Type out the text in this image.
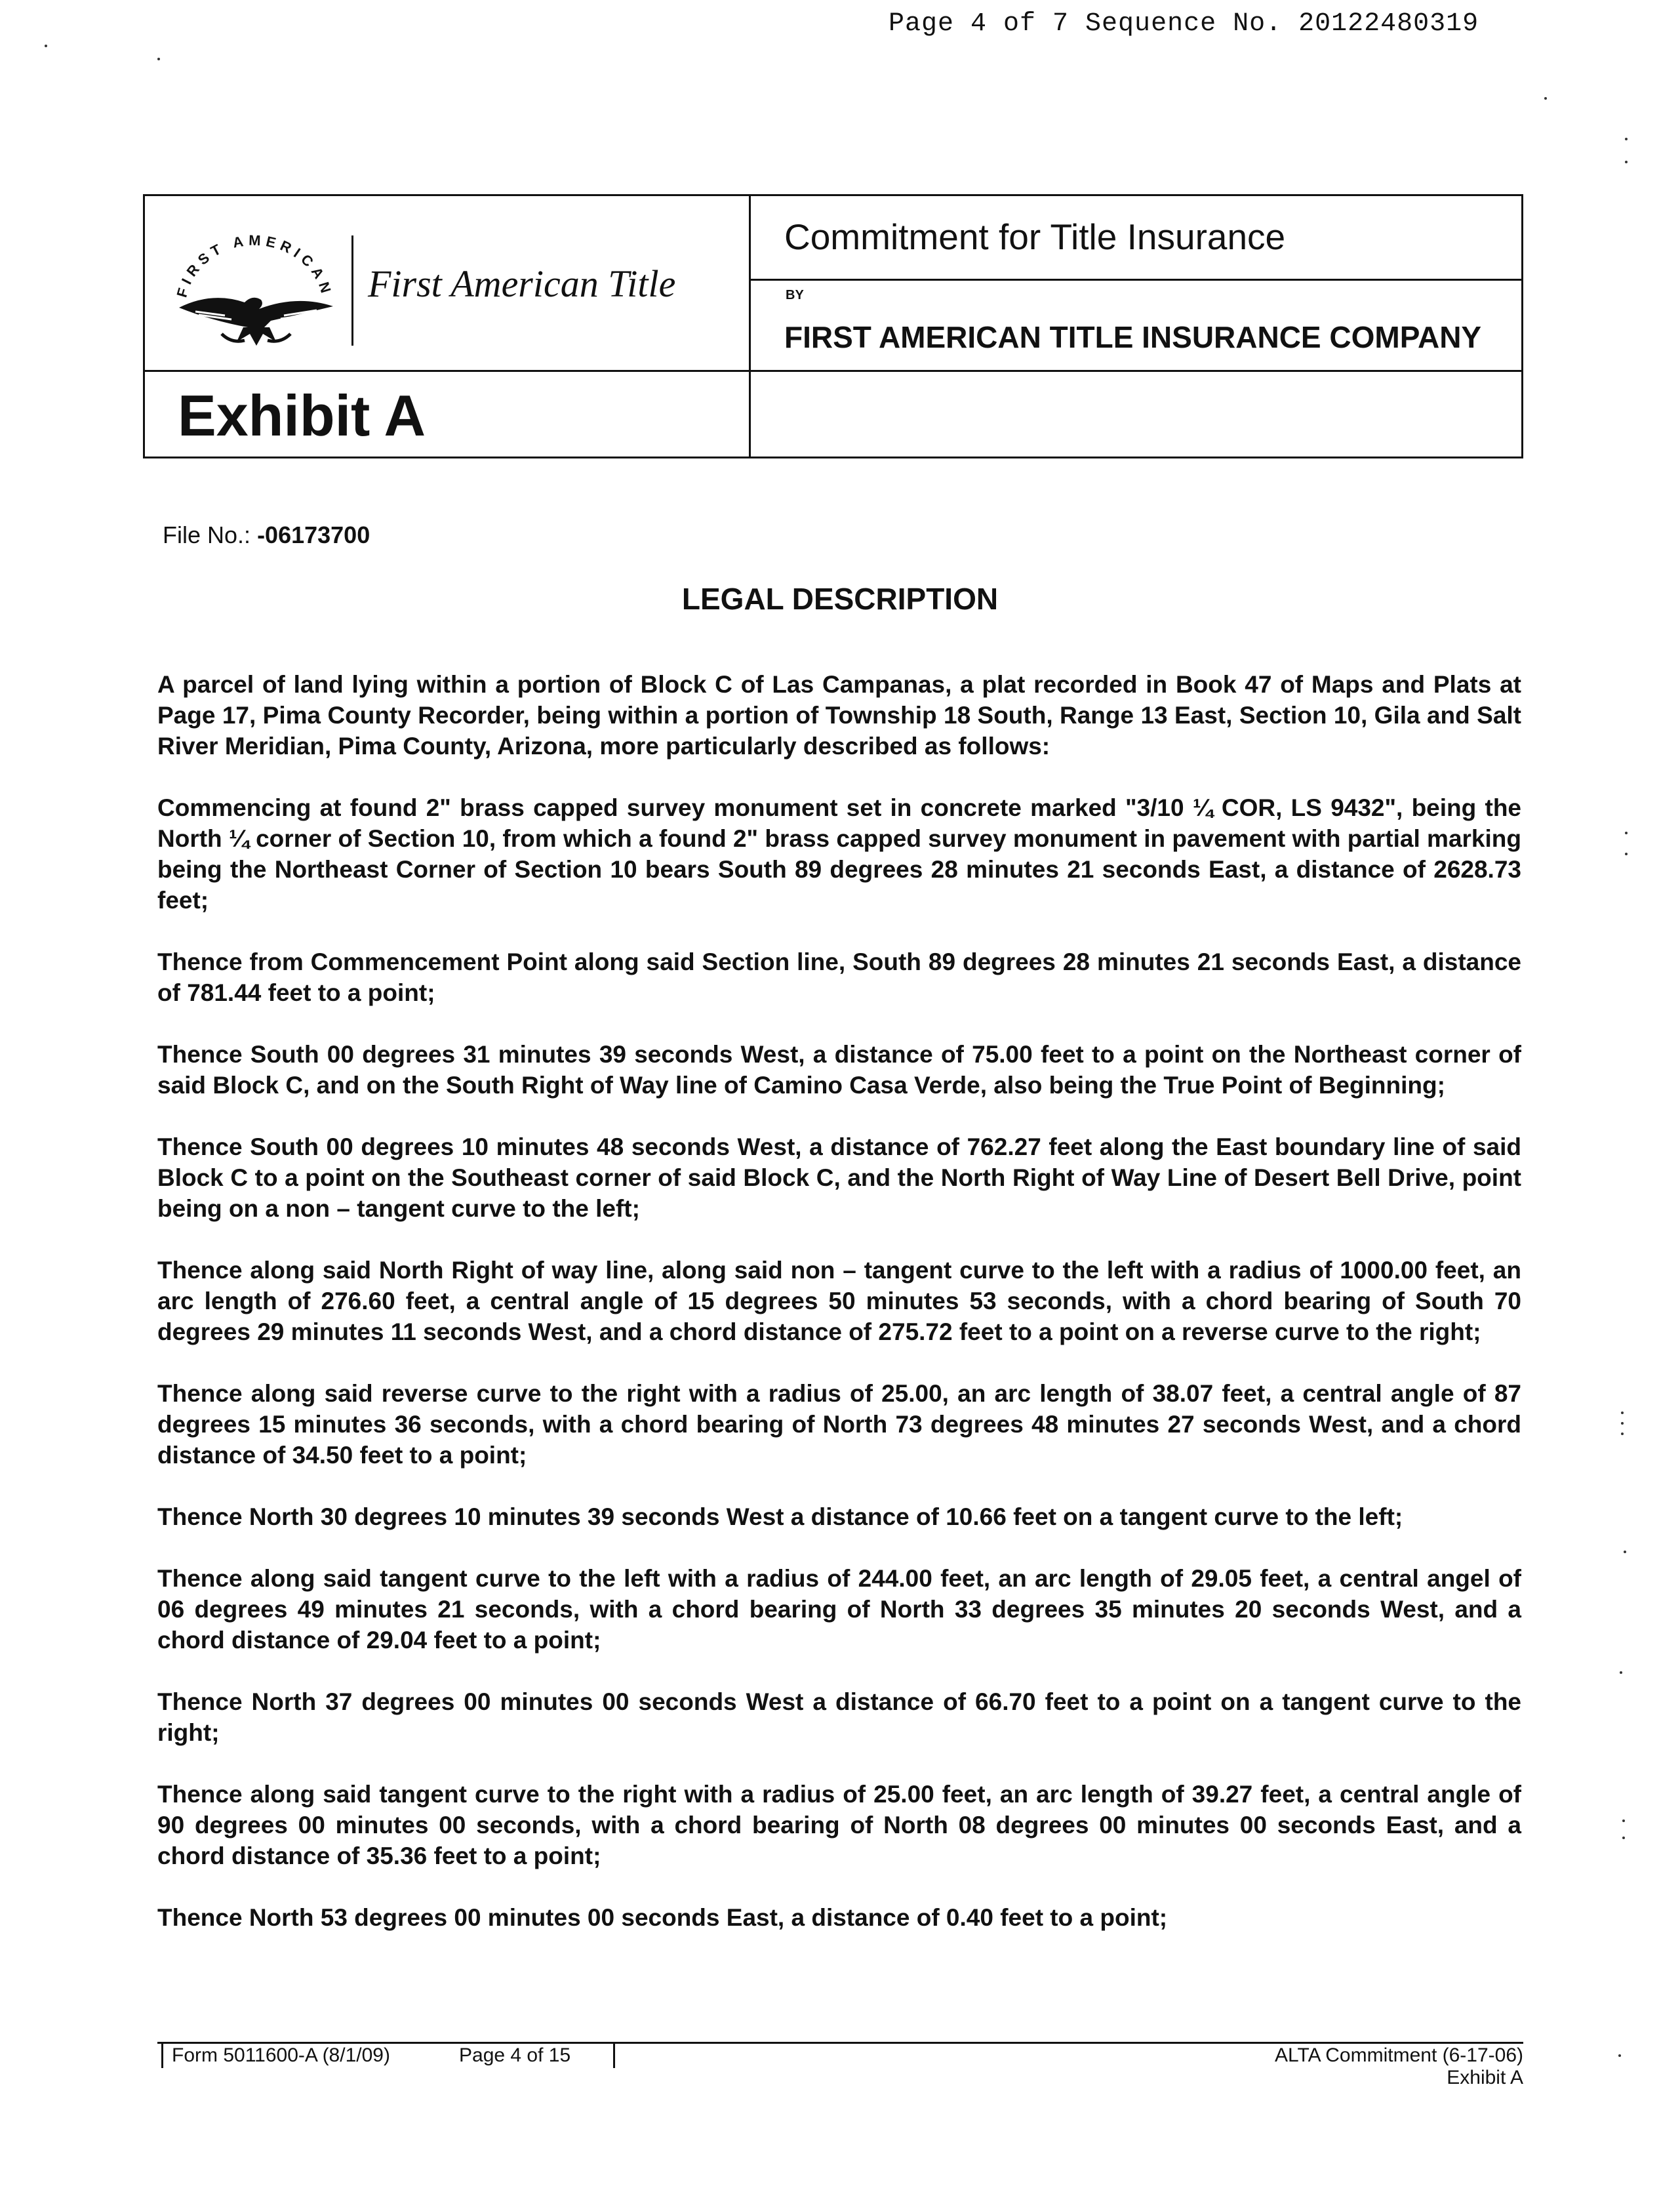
Page 4 of 7 Sequence No. 20122480319
FIRST AMERICAN First American Title
Exhibit A
Commitment for Title Insurance
BY
FIRST AMERICAN TITLE INSURANCE COMPANY
File No.: -06173700
LEGAL DESCRIPTION

A parcel of land lying within a portion of Block C of Las Campanas, a plat recorded in Book 47 of Maps and Plats at Page 17, Pima County Recorder, being within a portion of Township 18 South, Range 13 East, Section 10, Gila and Salt River Meridian, Pima County, Arizona, more particularly described as follows:

Commencing at found 2" brass capped survey monument set in concrete marked "3/10 ¼ COR, LS 9432", being the North ¼ corner of Section 10, from which a found 2" brass capped survey monument in pavement with partial marking being the Northeast Corner of Section 10 bears South 89 degrees 28 minutes 21 seconds East, a distance of 2628.73 feet;

Thence from Commencement Point along said Section line, South 89 degrees 28 minutes 21 seconds East, a distance of 781.44 feet to a point;

Thence South 00 degrees 31 minutes 39 seconds West, a distance of 75.00 feet to a point on the Northeast corner of said Block C, and on the South Right of Way line of Camino Casa Verde, also being the True Point of Beginning;

Thence South 00 degrees 10 minutes 48 seconds West, a distance of 762.27 feet along the East boundary line of said Block C to a point on the Southeast corner of said Block C, and the North Right of Way Line of Desert Bell Drive, point being on a non – tangent curve to the left;

Thence along said North Right of way line, along said non – tangent curve to the left with a radius of 1000.00 feet, an arc length of 276.60 feet, a central angle of 15 degrees 50 minutes 53 seconds, with a chord bearing of South 70 degrees 29 minutes 11 seconds West, and a chord distance of 275.72 feet to a point on a reverse curve to the right;

Thence along said reverse curve to the right with a radius of 25.00, an arc length of 38.07 feet, a central angle of 87 degrees 15 minutes 36 seconds, with a chord bearing of North 73 degrees 48 minutes 27 seconds West, and a chord distance of 34.50 feet to a point;

Thence North 30 degrees 10 minutes 39 seconds West a distance of 10.66 feet on a tangent curve to the left;

Thence along said tangent curve to the left with a radius of 244.00 feet, an arc length of 29.05 feet, a central angel of 06 degrees 49 minutes 21 seconds, with a chord bearing of North 33 degrees 35 minutes 20 seconds West, and a chord distance of 29.04 feet to a point;

Thence North 37 degrees 00 minutes 00 seconds West a distance of 66.70 feet to a point on a tangent curve to the right;

Thence along said tangent curve to the right with a radius of 25.00 feet, an arc length of 39.27 feet, a central angle of 90 degrees 00 minutes 00 seconds, with a chord bearing of North 08 degrees 00 minutes 00 seconds East, and a chord distance of 35.36 feet to a point;

Thence North 53 degrees 00 minutes 00 seconds East, a distance of 0.40 feet to a point;

Form 5011600-A (8/1/09)	Page 4 of 15	ALTA Commitment (6-17-06)
Exhibit A
